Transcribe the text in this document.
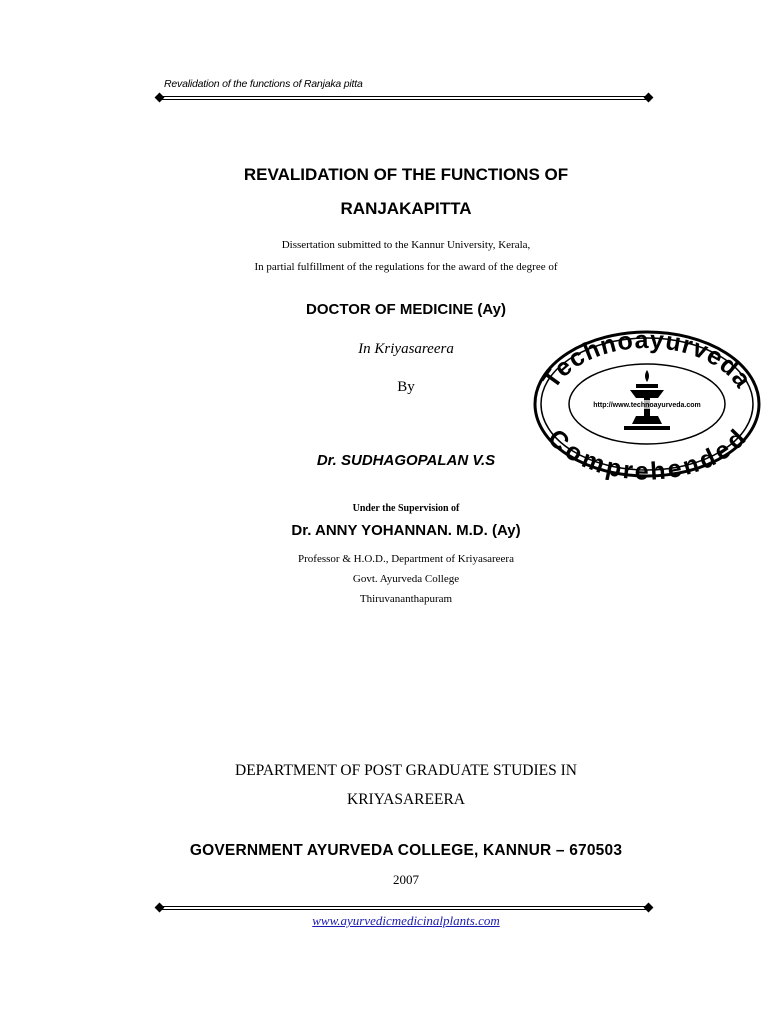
Revalidation of the functions of Ranjaka pitta
REVALIDATION OF THE FUNCTIONS OF
RANJAKAPITTA
Dissertation submitted to the Kannur University, Kerala,
In partial fulfillment of the regulations for the award of the degree of
DOCTOR OF MEDICINE (Ay)
In Kriyasareera
By
Dr. SUDHAGOPALAN V.S
Under the Supervision of
Dr. ANNY YOHANNAN. M.D. (Ay)
Professor & H.O.D., Department of Kriyasareera
Govt. Ayurveda College
Thiruvananthapuram
DEPARTMENT OF POST GRADUATE STUDIES IN
KRIYASAREERA
GOVERNMENT AYURVEDA COLLEGE, KANNUR – 670503
2007
www.ayurvedicmedicinalplants.com
Technoayurveda
Comprehended
http://www.technoayurveda.com
